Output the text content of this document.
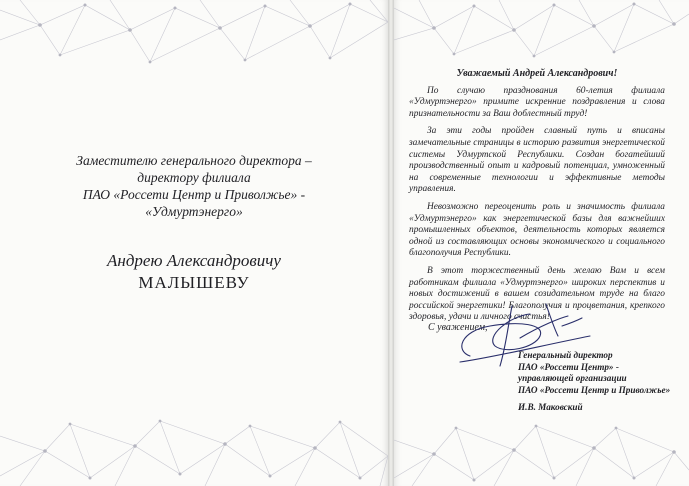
Заместителю генерального директора –
директору филиала
ПАО «Россети Центр и Приволжье» -
«Удмуртэнерго»
Андрею Александровичу
МАЛЫШЕВУ
Уважаемый Андрей Александрович!

По случаю празднования 60-летия филиала «Удмуртэнерго» примите искренние поздравления и слова признательности за Ваш доблестный труд!

За эти годы пройден славный путь и вписаны замечательные страницы в историю развития энергетической системы Удмуртской Республики. Создан богатейший производственный опыт и кадровый потенциал, умноженный на современные технологии и эффективные методы управления.

Невозможно переоценить роль и значимость филиала «Удмуртэнерго» как энергетической базы для важнейших промышленных объектов, деятельность которых является одной из составляющих основы экономического и социального благополучия Республики.

В этот торжественный день желаю Вам и всем работникам филиала «Удмуртэнерго» широких перспектив и новых достижений в вашем созидательном труде на благо российской энергетики! Благополучия и процветания, крепкого здоровья, удачи и личного счастья!

С уважением,
Генеральный директор
ПАО «Россети Центр» -
управляющей организации
ПАО «Россети Центр и Приволжье»
И.В. Маковский
